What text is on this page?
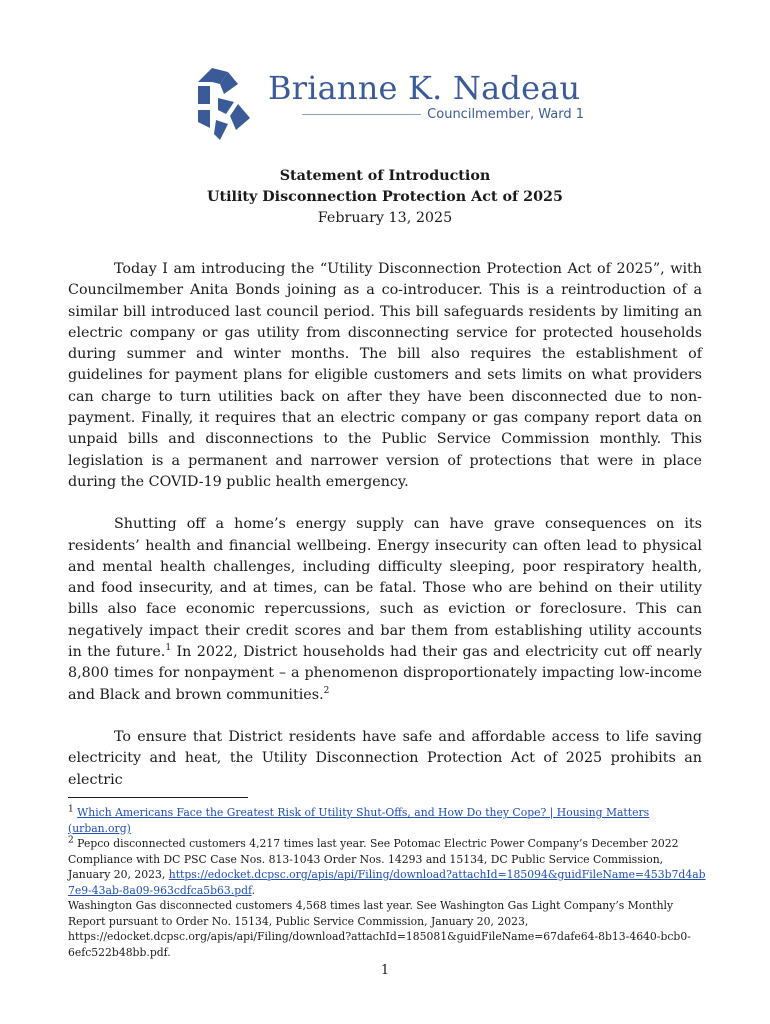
Brianne K. Nadeau
Councilmember, Ward 1
Statement of Introduction
Utility Disconnection Protection Act of 2025
February 13, 2025

Today I am introducing the “Utility Disconnection Protection Act of 2025”, with Councilmember Anita Bonds joining as a co-introducer. This is a reintroduction of a similar bill introduced last council period. This bill safeguards residents by limiting an electric company or gas utility from disconnecting service for protected households during summer and winter months. The bill also requires the establishment of guidelines for payment plans for eligible customers and sets limits on what providers can charge to turn utilities back on after they have been disconnected due to non-payment. Finally, it requires that an electric company or gas company report data on unpaid bills and disconnections to the Public Service Commission monthly. This legislation is a permanent and narrower version of protections that were in place during the COVID-19 public health emergency.

Shutting off a home’s energy supply can have grave consequences on its residents’ health and financial wellbeing. Energy insecurity can often lead to physical and mental health challenges, including difficulty sleeping, poor respiratory health, and food insecurity, and at times, can be fatal. Those who are behind on their utility bills also face economic repercussions, such as eviction or foreclosure. This can negatively impact their credit scores and bar them from establishing utility accounts in the future.$^1$ In 2022, District households had their gas and electricity cut off nearly 8,800 times for nonpayment – a phenomenon disproportionately impacting low-income and Black and brown communities.$^2$

To ensure that District residents have safe and affordable access to life saving electricity and heat, the Utility Disconnection Protection Act of 2025 prohibits an electric

$^1$ Which Americans Face the Greatest Risk of Utility Shut-Offs, and How Do they Cope? | Housing Matters (urban.org)

$^2$ Pepco disconnected customers 4,217 times last year. See Potomac Electric Power Company’s December 2022 Compliance with DC PSC Case Nos. 813-1043 Order Nos. 14293 and 15134, DC Public Service Commission, January 20, 2023, https://edocket.dcpsc.org/apis/api/Filing/download?attachId=185094&guidFileName=453b7d4ab7e9-43ab-8a09-963cdfca5b63.pdf.

Washington Gas disconnected customers 4,568 times last year. See Washington Gas Light Company’s Monthly Report pursuant to Order No. 15134, Public Service Commission, January 20, 2023, https://edocket.dcpsc.org/apis/api/Filing/download?attachId=185081&guidFileName=67dafe64-8b13-4640-bcb0-6efc522b48bb.pdf.

1
